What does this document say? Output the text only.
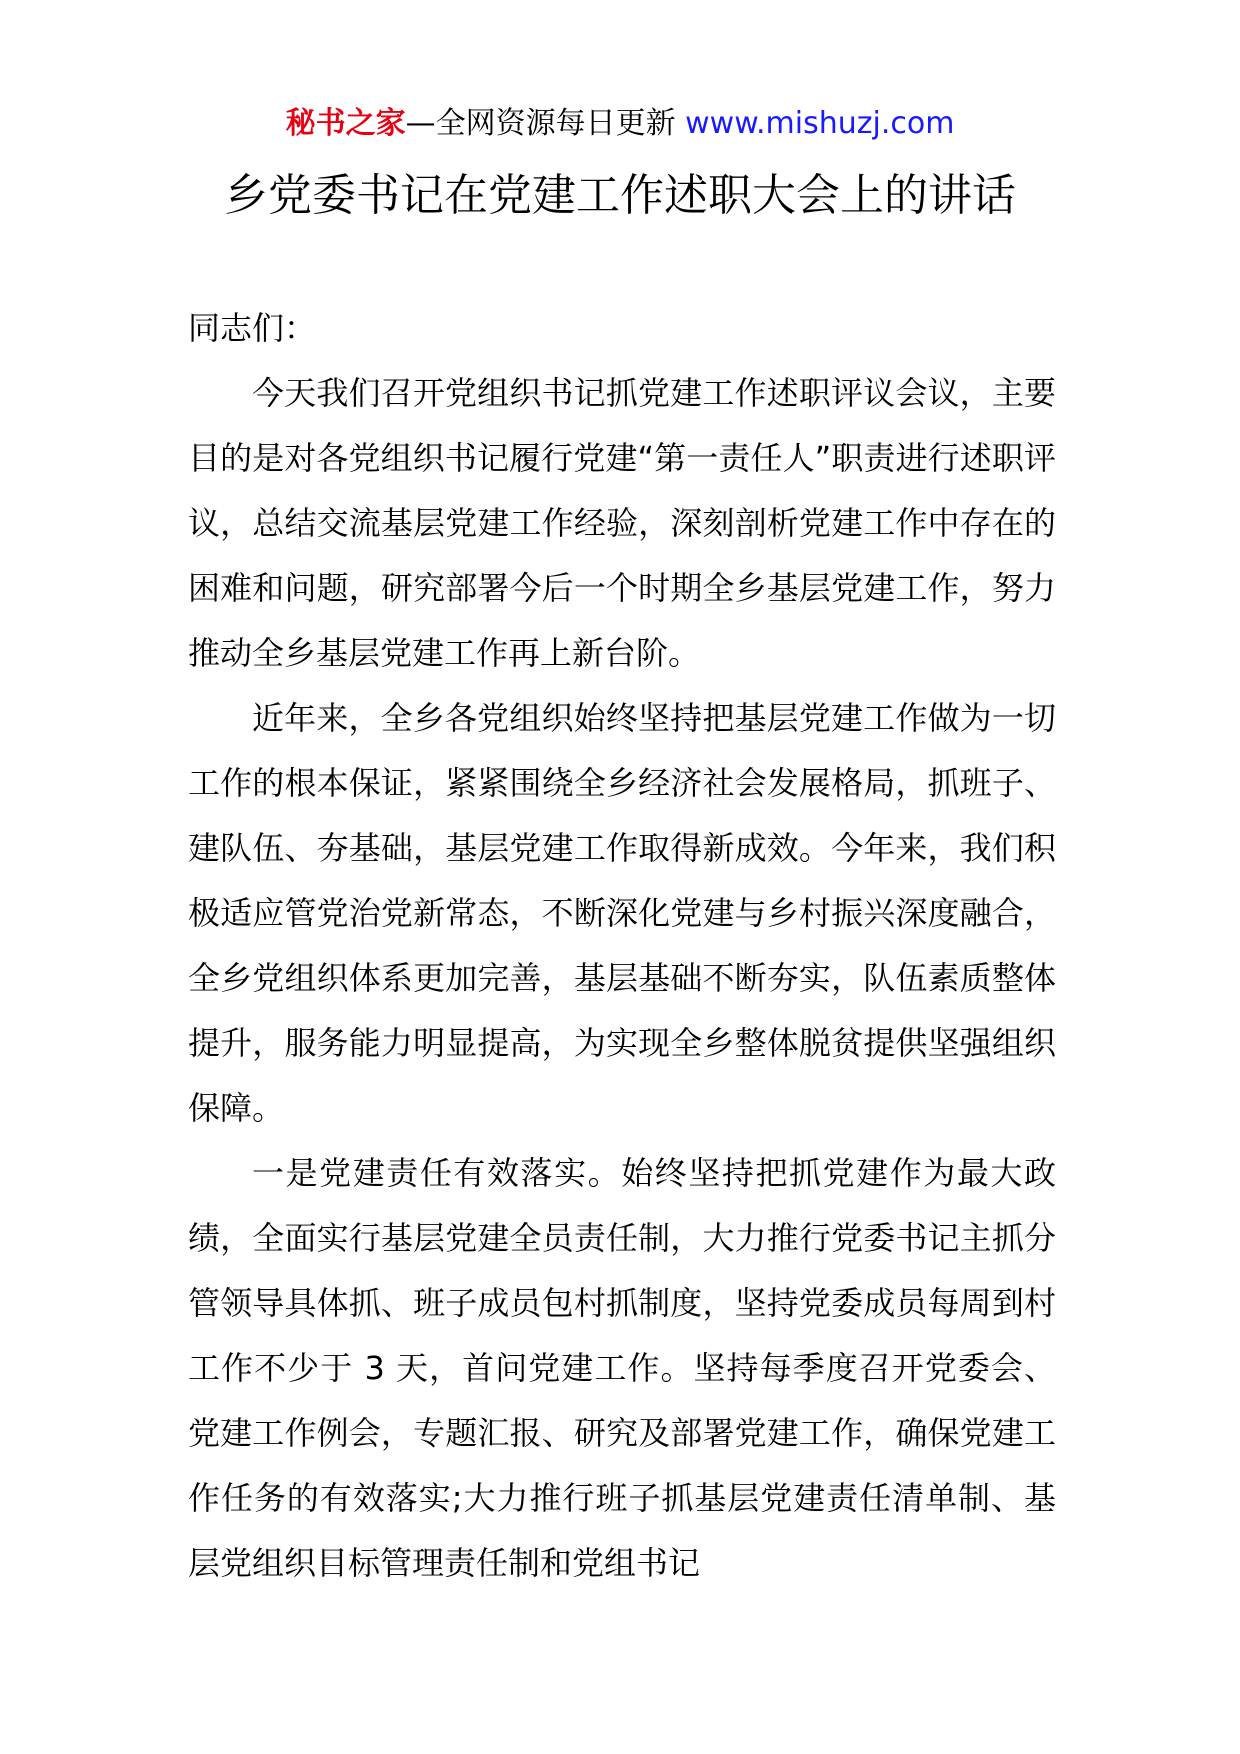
秘书之家—全网资源每日更新 www.mishuzj.com
乡党委书记在党建工作述职大会上的讲话

同志们：

今天我们召开党组织书记抓党建工作述职评议会议，主要目的是对各党组织书记履行党建“第一责任人”职责进行述职评议，总结交流基层党建工作经验，深刻剖析党建工作中存在的困难和问题，研究部署今后一个时期全乡基层党建工作，努力推动全乡基层党建工作再上新台阶。

近年来，全乡各党组织始终坚持把基层党建工作做为一切工作的根本保证，紧紧围绕全乡经济社会发展格局，抓班子、建队伍、夯基础，基层党建工作取得新成效。今年来，我们积极适应管党治党新常态，不断深化党建与乡村振兴深度融合，全乡党组织体系更加完善，基层基础不断夯实，队伍素质整体提升，服务能力明显提高，为实现全乡整体脱贫提供坚强组织保障。

一是党建责任有效落实。始终坚持把抓党建作为最大政绩，全面实行基层党建全员责任制，大力推行党委书记主抓分管领导具体抓、班子成员包村抓制度，坚持党委成员每周到村工作不少于 3 天，首问党建工作。坚持每季度召开党委会、党建工作例会，专题汇报、研究及部署党建工作，确保党建工作任务的有效落实;大力推行班子抓基层党建责任清单制、基层党组织目标管理责任制和党组书记
